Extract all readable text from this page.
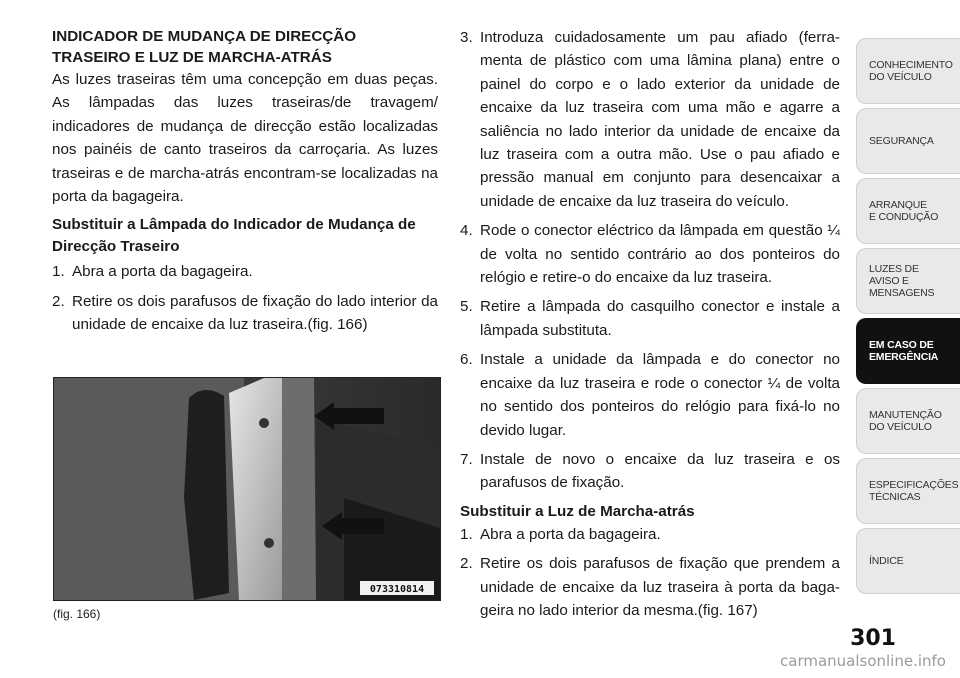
INDICADOR DE MUDANÇA DE DIRECÇÃO TRASEIRO E LUZ DE MARCHA-ATRÁS

As luzes traseiras têm uma concepção em duas peças. As lâmpadas das luzes traseiras/de travagem/ indicadores de mudança de direcção estão localizadas nos painéis de canto traseiros da carroçaria. As luzes traseiras e de marcha-atrás encontram-se localizadas na porta da bagageira.

Substituir a Lâmpada do Indicador de Mudança de Direcção Traseiro

1. Abra a porta da bagageira.
2. Retire os dois parafusos de fixação do lado interior da unidade de encaixe da luz traseira.(fig. 166)
073310814
(fig. 166)
3. Introduza cuidadosamente um pau afiado (ferra-menta de plástico com uma lâmina plana) entre o painel do corpo e o lado exterior da unidade de encaixe da luz traseira com uma mão e agarre a saliência no lado interior da unidade de encaixe da luz traseira com a outra mão. Use o pau afiado e pressão manual em conjunto para desencaixar a unidade de encaixe da luz traseira do veículo.
4. Rode o conector eléctrico da lâmpada em questão ¼ de volta no sentido contrário ao dos ponteiros do relógio e retire-o do encaixe da luz traseira.
5. Retire a lâmpada do casquilho conector e instale a lâmpada substituta.
6. Instale a unidade da lâmpada e do conector no encaixe da luz traseira e rode o conector ¼ de volta no sentido dos ponteiros do relógio para fixá-lo no devido lugar.
7. Instale de novo o encaixe da luz traseira e os parafusos de fixação.

Substituir a Luz de Marcha-atrás

1. Abra a porta da bagageira.
2. Retire os dois parafusos de fixação que prendem a unidade de encaixe da luz traseira à porta da baga-geira no lado interior da mesma.(fig. 167)
CONHECIMENTO
DO VEÍCULO
SEGURANÇA
ARRANQUE
E CONDUÇÃO
LUZES DE
AVISO E
MENSAGENS
EM CASO DE
EMERGÊNCIA
MANUTENÇÃO
DO VEÍCULO
ESPECIFICAÇÕES
TÉCNICAS
ÍNDICE
301
carmanualsonline.info
